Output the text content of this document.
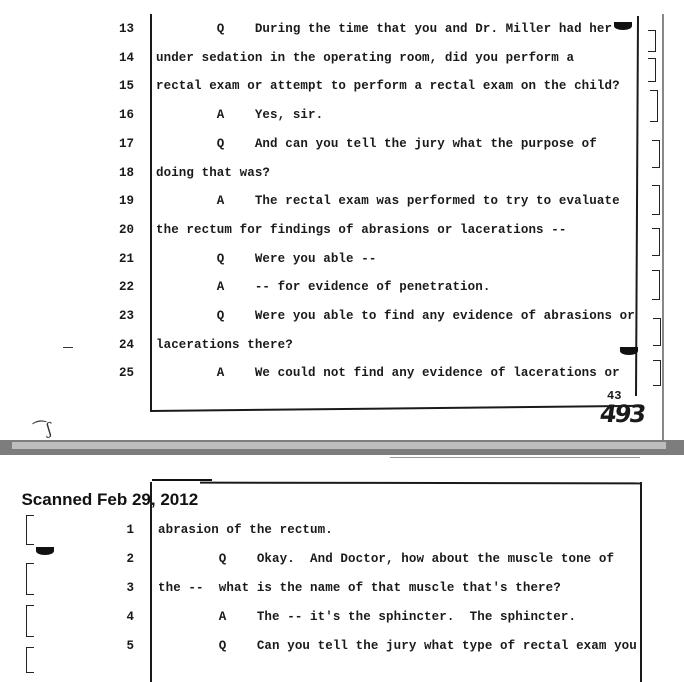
13 Q    During the time that you and Dr. Miller had her
14 under sedation in the operating room, did you perform a
15 rectal exam or attempt to perform a rectal exam on the child?
16 A    Yes, sir.
17 Q    And can you tell the jury what the purpose of
18 doing that was?
19 A    The rectal exam was performed to try to evaluate
20 the rectum for findings of abrasions or lacerations --
21 Q    Were you able --
22 A    -- for evidence of penetration.
23 Q    Were you able to find any evidence of abrasions or
24 lacerations there?
25 A    We could not find any evidence of lacerations or
43
493
⁀ʃ
1 abrasion of the rectum.
2 Q    Okay.  And Doctor, how about the muscle tone of
3 the --  what is the name of that muscle that's there?
4 A    The -- it's the sphincter.  The sphincter.
5 Q    Can you tell the jury what type of rectal exam you

Scanned Feb 29, 2012
